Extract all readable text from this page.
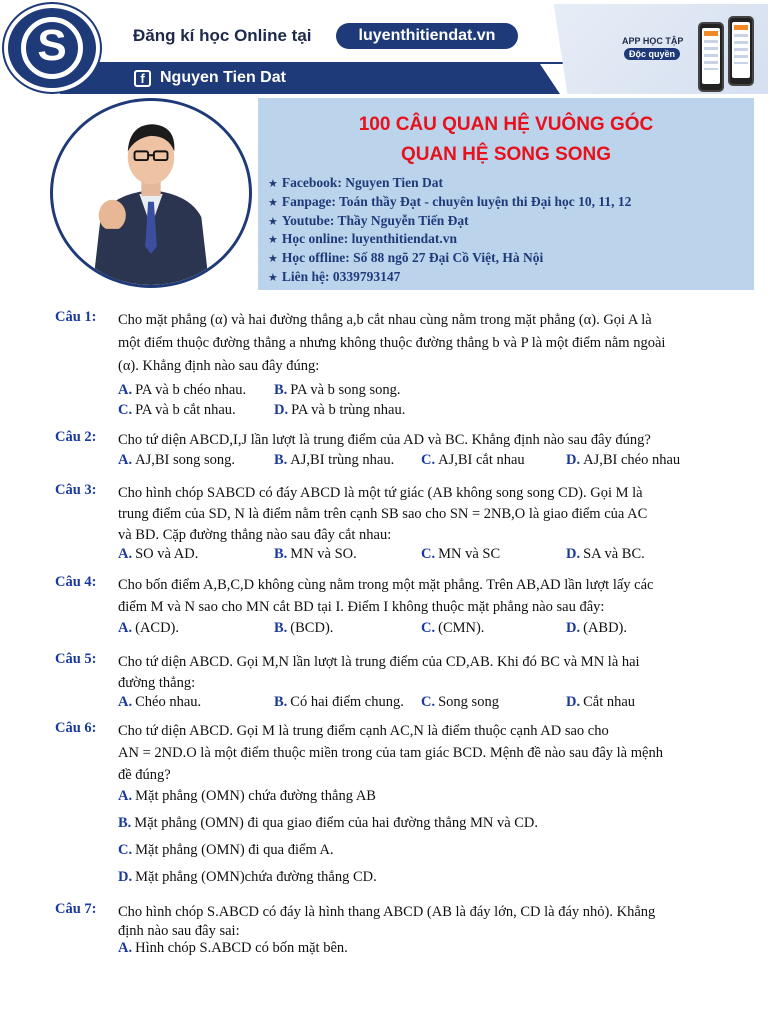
S	Đăng kí học Online tại	luyenthitiendat.vn	APP HỌC TẬP
Độc quyền
f Nguyen Tien Dat
100 CÂU QUAN HỆ VUÔNG GÓC
QUAN HỆ SONG SONG
★ Facebook: Nguyen Tien Dat
★ Fanpage: Toán thầy Đạt - chuyên luyện thi Đại học 10, 11, 12
★ Youtube: Thầy Nguyễn Tiến Đạt
★ Học online: luyenthitiendat.vn
★ Học offline: Số 88 ngõ 27 Đại Cồ Việt, Hà Nội
★ Liên hệ: 0339793147
Câu 1: Cho mặt phẳng (α) và hai đường thẳng a,b cắt nhau cùng nằm trong mặt phẳng (α). Gọi A là
một điểm thuộc đường thẳng a nhưng không thuộc đường thẳng b và P là một điểm nằm ngoài
(α). Khẳng định nào sau đây đúng:
A. PA và b chéo nhau. B. PA và b song song.
C. PA và b cắt nhau.	D. PA và b trùng nhau.
Câu 2: Cho tứ diện ABCD,I,J lần lượt là trung điểm của AD và BC. Khẳng định nào sau đây đúng?
A. AJ,BI song song.	B. AJ,BI trùng nhau. C. AJ,BI cắt nhau	D. AJ,BI chéo nhau
Câu 3: Cho hình chóp SABCD có đáy ABCD là một tứ giác (AB không song song CD). Gọi M là
trung điểm của SD, N là điểm nằm trên cạnh SB sao cho SN = 2NB,O là giao điểm của AC
và BD. Cặp đường thẳng nào sau đây cắt nhau:
A. SO và AD.	B. MN và SO.	C. MN và SC	D. SA và BC.
Câu 4: Cho bốn điểm A,B,C,D không cùng nằm trong một mặt phẳng. Trên AB,AD lần lượt lấy các
điểm M và N sao cho MN cắt BD tại I. Điểm I không thuộc mặt phẳng nào sau đây:
A. (ACD).	B. (BCD).	C. (CMN).	D. (ABD).
Câu 5: Cho tứ diện ABCD. Gọi M,N lần lượt là trung điểm của CD,AB. Khi đó BC và MN là hai
đường thẳng:
A. Chéo nhau.	B. Có hai điểm chung. C. Song song	D. Cắt nhau
Câu 6: Cho tứ diện ABCD. Gọi M là trung điểm cạnh AC,N là điểm thuộc cạnh AD sao cho
AN = 2ND.O là một điểm thuộc miền trong của tam giác BCD. Mệnh đề nào sau đây là mệnh
đề đúng?
A. Mặt phẳng (OMN) chứa đường thẳng AB
B. Mặt phẳng (OMN) đi qua giao điểm của hai đường thẳng MN và CD.
C. Mặt phẳng (OMN) đi qua điểm A.
D. Mặt phẳng (OMN)chứa đường thẳng CD.
Câu 7: Cho hình chóp S.ABCD có đáy là hình thang ABCD (AB là đáy lớn, CD là đáy nhỏ). Khẳng
định nào sau đây sai:
A. Hình chóp S.ABCD có bốn mặt bên.
